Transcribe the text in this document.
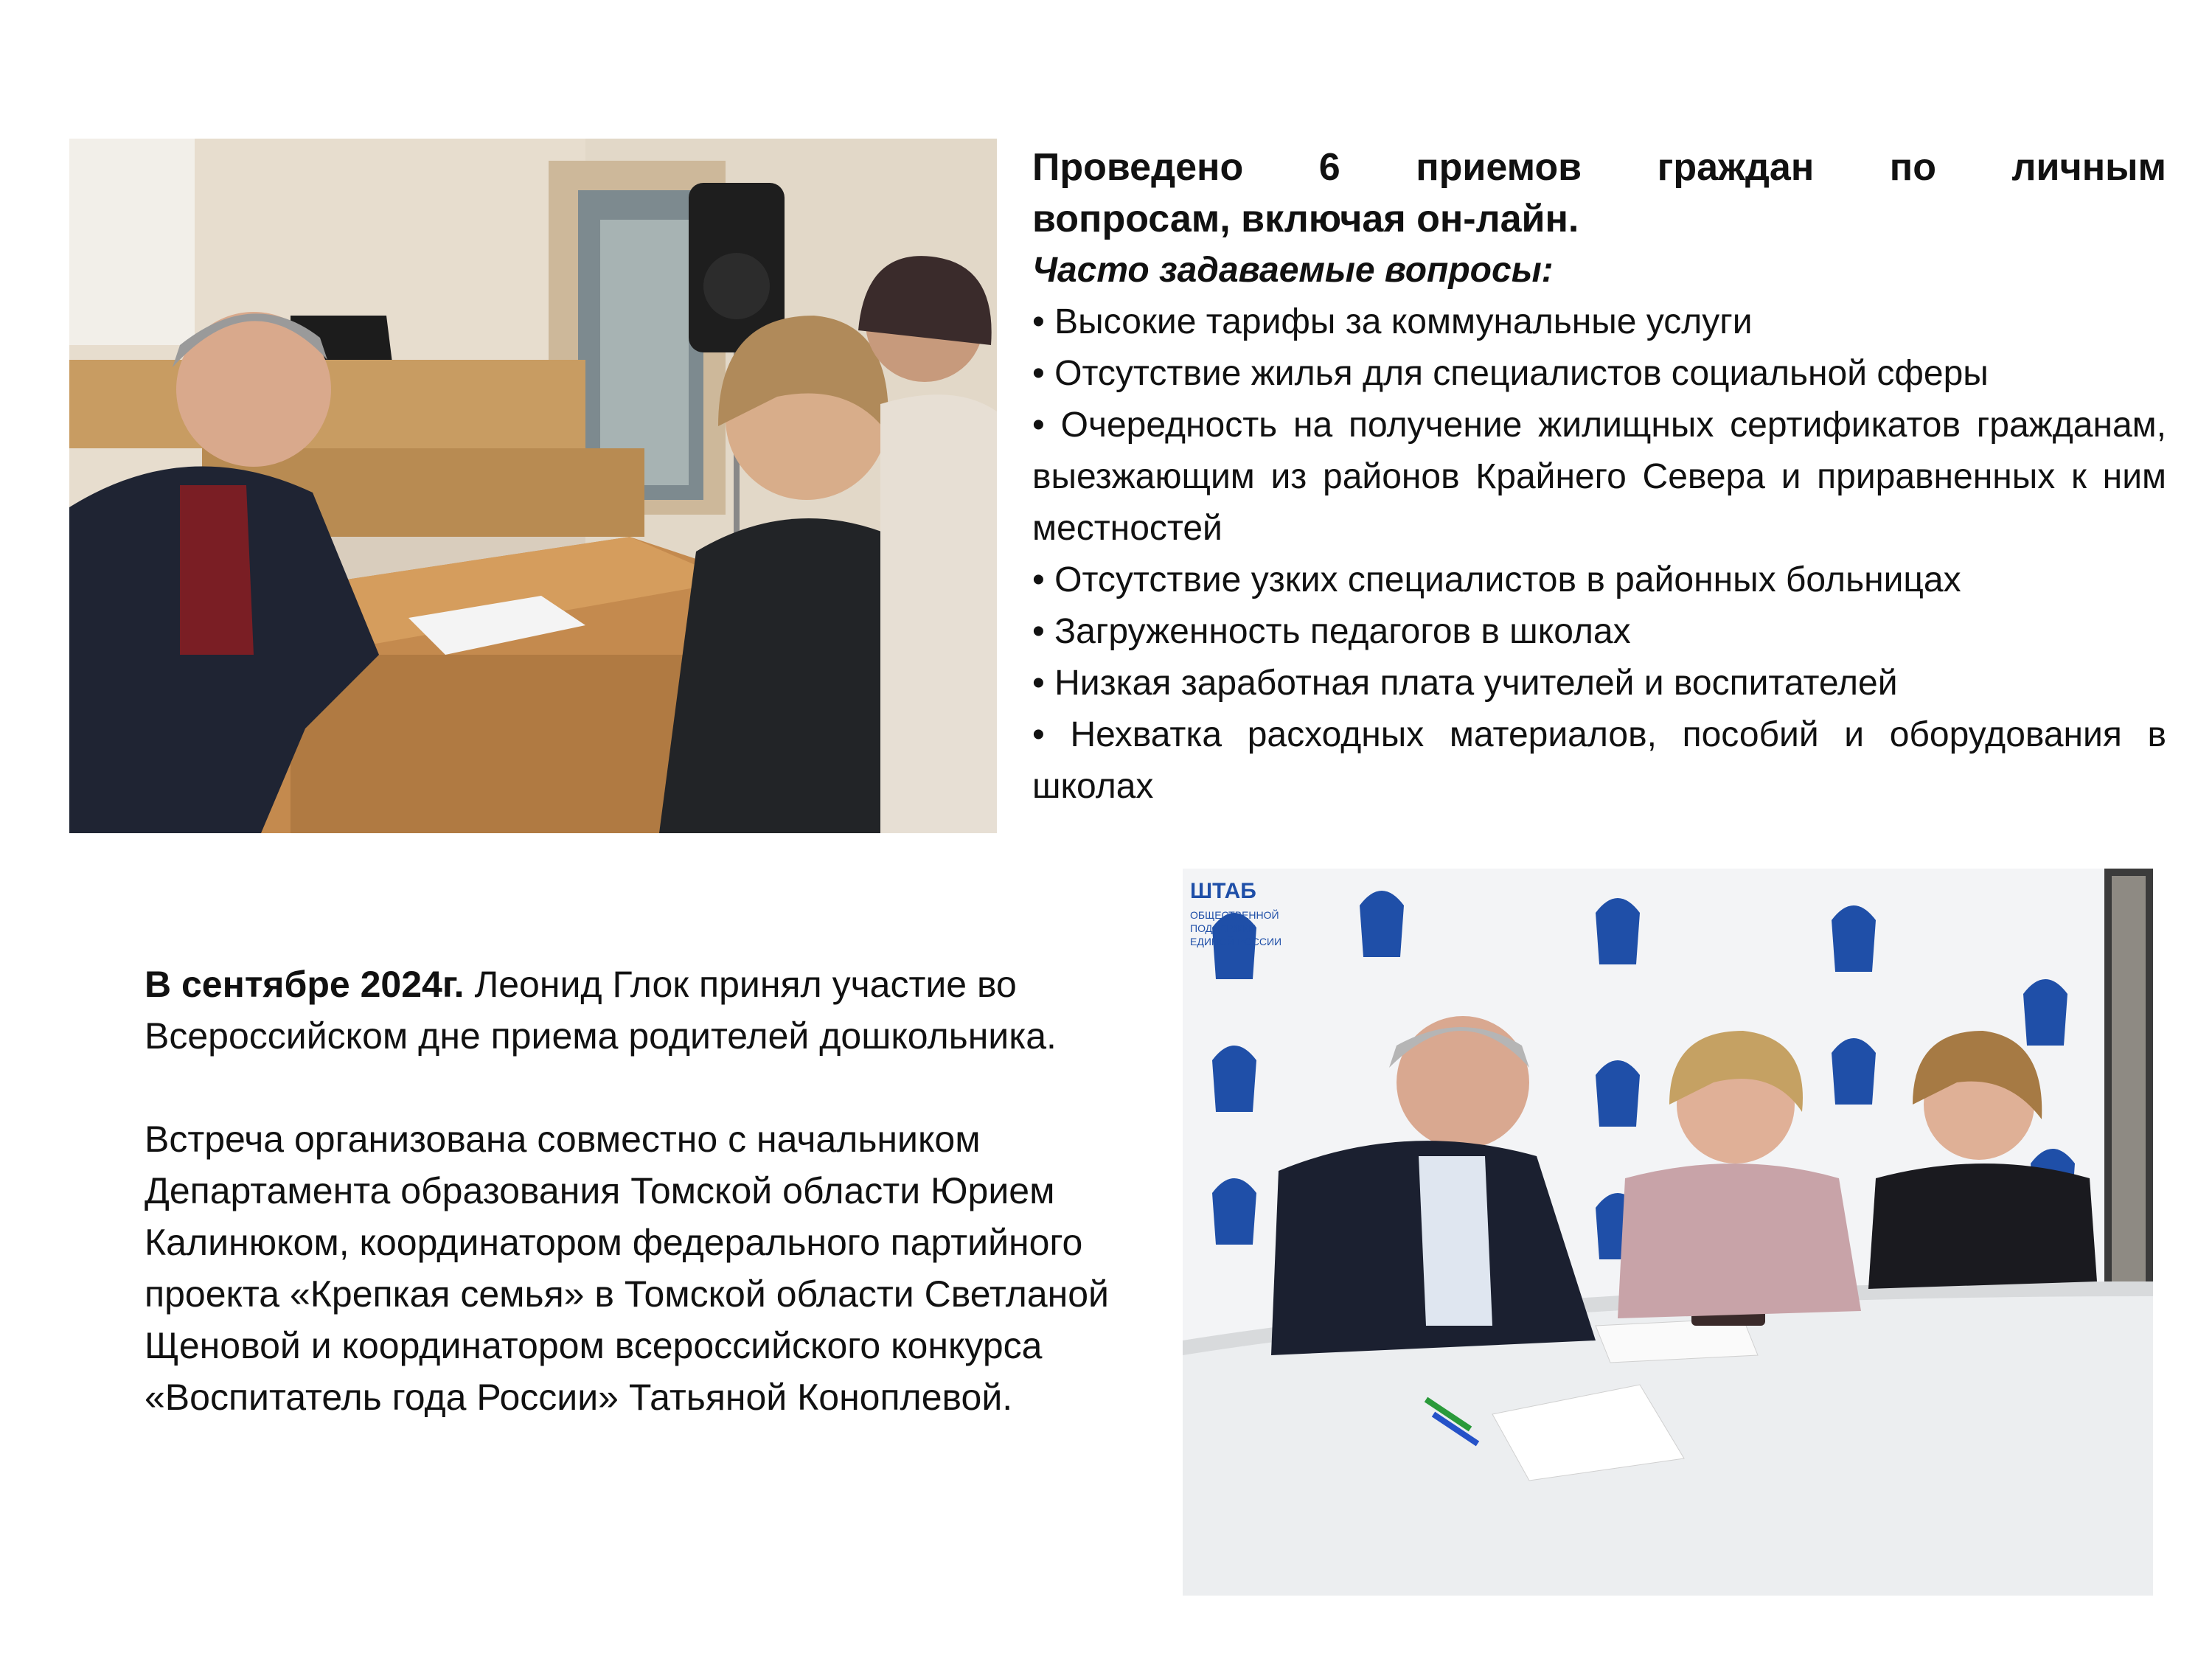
Проведено 6 приемов граждан по личным
вопросам, включая он-лайн.
Часто задаваемые вопросы:
• Высокие тарифы за коммунальные услуги
• Отсутствие жилья для специалистов социальной сферы
• Очередность на получение жилищных сертификатов гражданам, выезжающим из районов Крайнего Севера и приравненных к ним местностей
• Отсутствие узких специалистов в районных больницах
• Загруженность педагогов в школах
• Низкая заработная плата учителей и воспитателей
• Нехватка расходных материалов, пособий и оборудования в школах

В сентябре 2024г. Леонид Глок принял участие во Всероссийском дне приема родителей дошкольника.

Встреча организована совместно с начальником Департамента образования Томской области Юрием Калинюком, координатором федерального партийного проекта «Крепкая семья» в Томской области Светланой Щеновой и координатором всероссийского конкурса «Воспитатель года России» Татьяной Коноплевой.

ШТАБ
ОБЩЕСТВЕННОЙ
ПОДДЕРЖКИ
ЕДИНОЙ РОССИИ
